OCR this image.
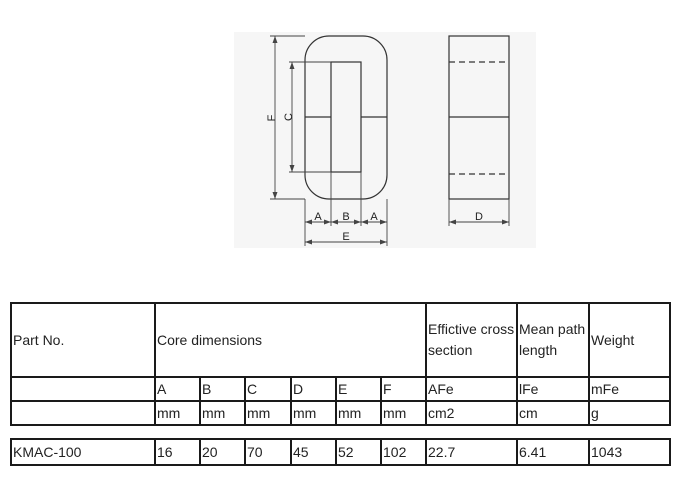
F C
A B A
E
D
Part No.	Core dimensions						Effictive cross section	Mean path length	Weight
	A	B	C	D	E	F	AFe	lFe	mFe
	mm	mm	mm	mm	mm	mm	cm2	cm	g

KMAC-100	16	20	70	45	52	102	22.7	6.41	1043
